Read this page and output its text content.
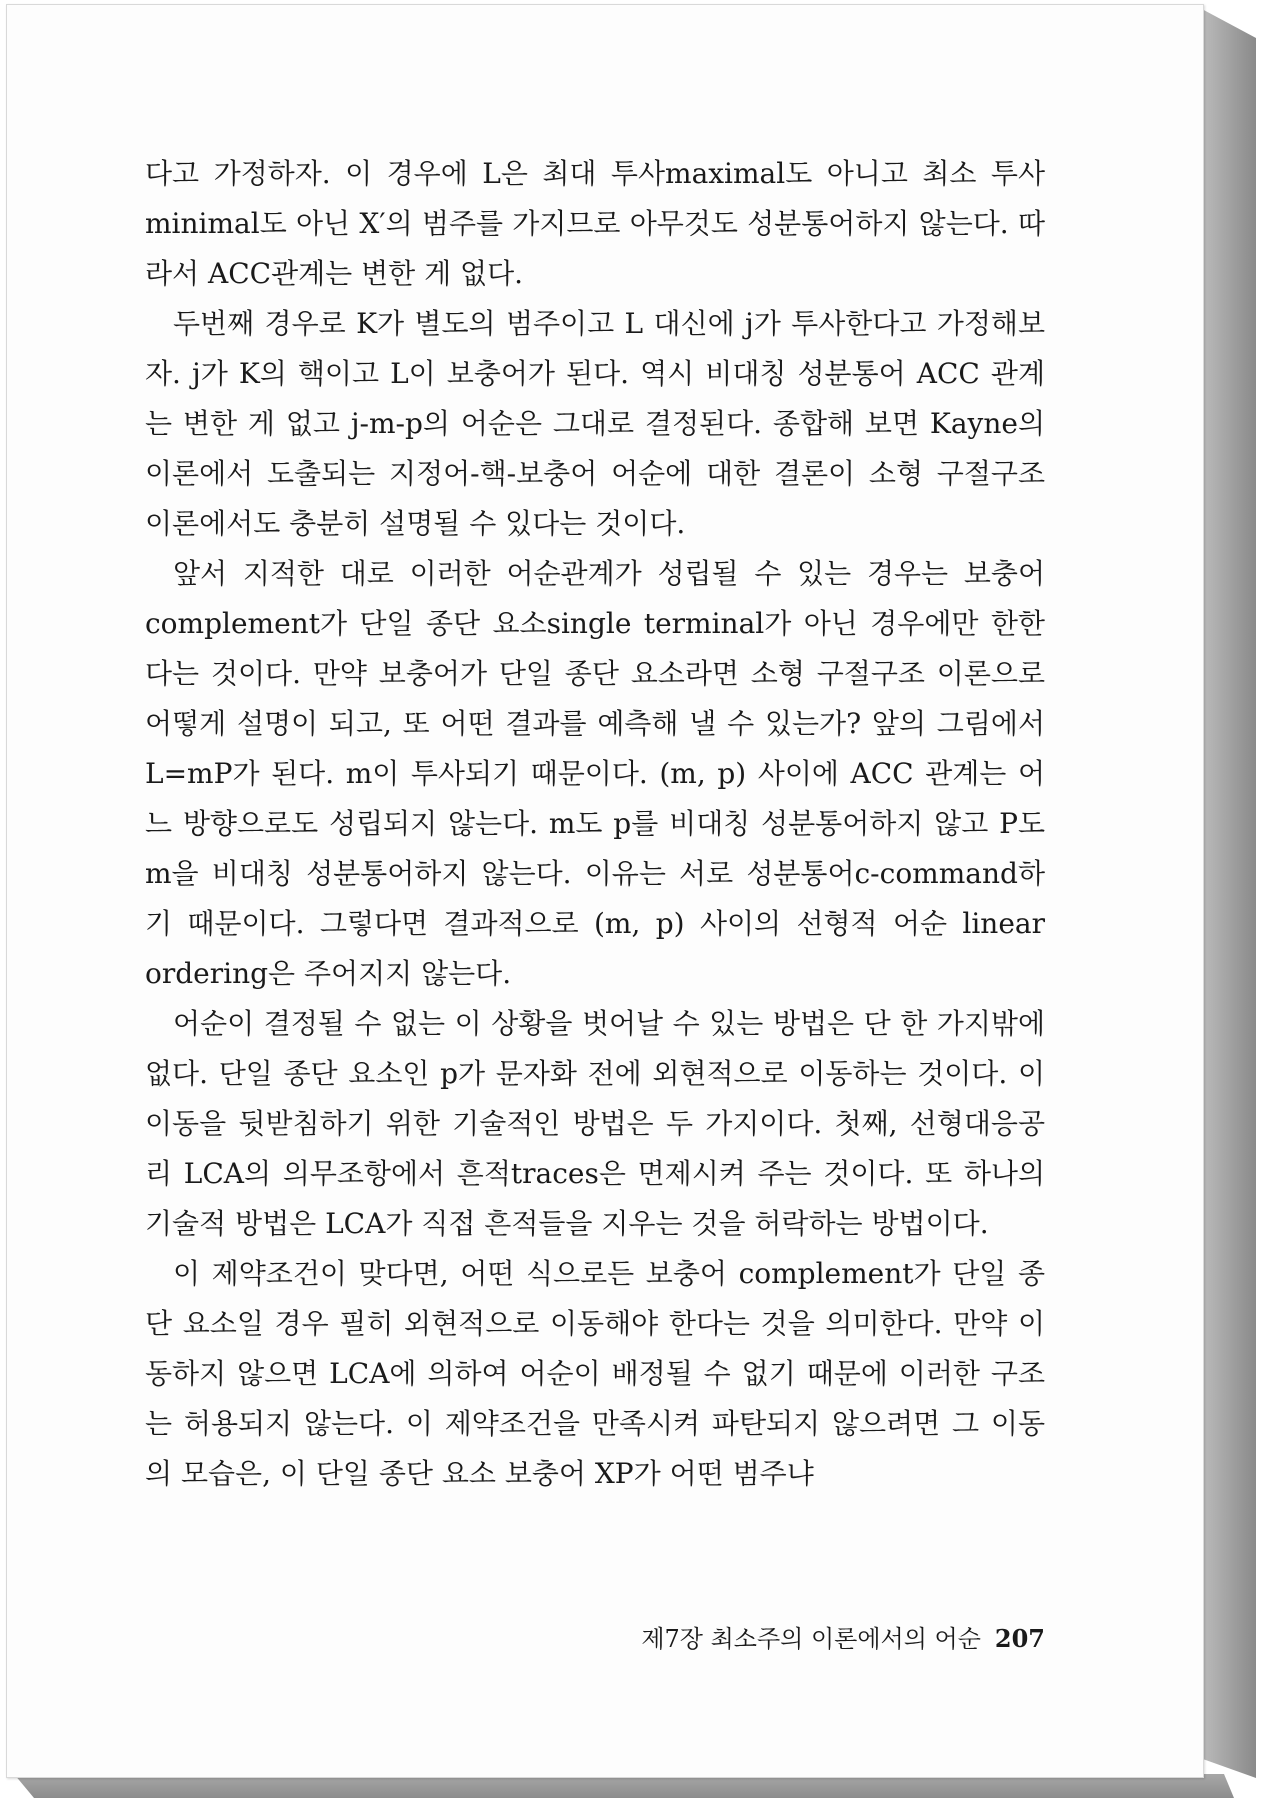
다고 가정하자. 이 경우에 L은 최대 투사maximal도 아니고 최소 투사 minimal도 아닌 X′의 범주를 가지므로 아무것도 성분통어하지 않는다. 따라서 ACC관계는 변한 게 없다.

두번째 경우로 K가 별도의 범주이고 L 대신에 j가 투사한다고 가정해보자. j가 K의 핵이고 L이 보충어가 된다. 역시 비대칭 성분통어 ACC 관계는 변한 게 없고 j-m-p의 어순은 그대로 결정된다. 종합해 보면 Kayne의 이론에서 도출되는 지정어-핵-보충어 어순에 대한 결론이 소형 구절구조 이론에서도 충분히 설명될 수 있다는 것이다.

앞서 지적한 대로 이러한 어순관계가 성립될 수 있는 경우는 보충어 complement가 단일 종단 요소single terminal가 아닌 경우에만 한한다는 것이다. 만약 보충어가 단일 종단 요소라면 소형 구절구조 이론으로 어떻게 설명이 되고, 또 어떤 결과를 예측해 낼 수 있는가? 앞의 그림에서 L=mP가 된다. m이 투사되기 때문이다. (m, p) 사이에 ACC 관계는 어느 방향으로도 성립되지 않는다. m도 p를 비대칭 성분통어하지 않고 P도 m을 비대칭 성분통어하지 않는다. 이유는 서로 성분통어c-command하기 때문이다. 그렇다면 결과적으로 (m, p) 사이의 선형적 어순 linear ordering은 주어지지 않는다.

어순이 결정될 수 없는 이 상황을 벗어날 수 있는 방법은 단 한 가지밖에 없다. 단일 종단 요소인 p가 문자화 전에 외현적으로 이동하는 것이다. 이 이동을 뒷받침하기 위한 기술적인 방법은 두 가지이다. 첫째, 선형대응공리 LCA의 의무조항에서 흔적traces은 면제시켜 주는 것이다. 또 하나의 기술적 방법은 LCA가 직접 흔적들을 지우는 것을 허락하는 방법이다.

이 제약조건이 맞다면, 어떤 식으로든 보충어 complement가 단일 종단 요소일 경우 필히 외현적으로 이동해야 한다는 것을 의미한다. 만약 이동하지 않으면 LCA에 의하여 어순이 배정될 수 없기 때문에 이러한 구조는 허용되지 않는다. 이 제약조건을 만족시켜 파탄되지 않으려면 그 이동의 모습은, 이 단일 종단 요소 보충어 XP가 어떤 범주냐

제7장 최소주의 이론에서의 어순 207
